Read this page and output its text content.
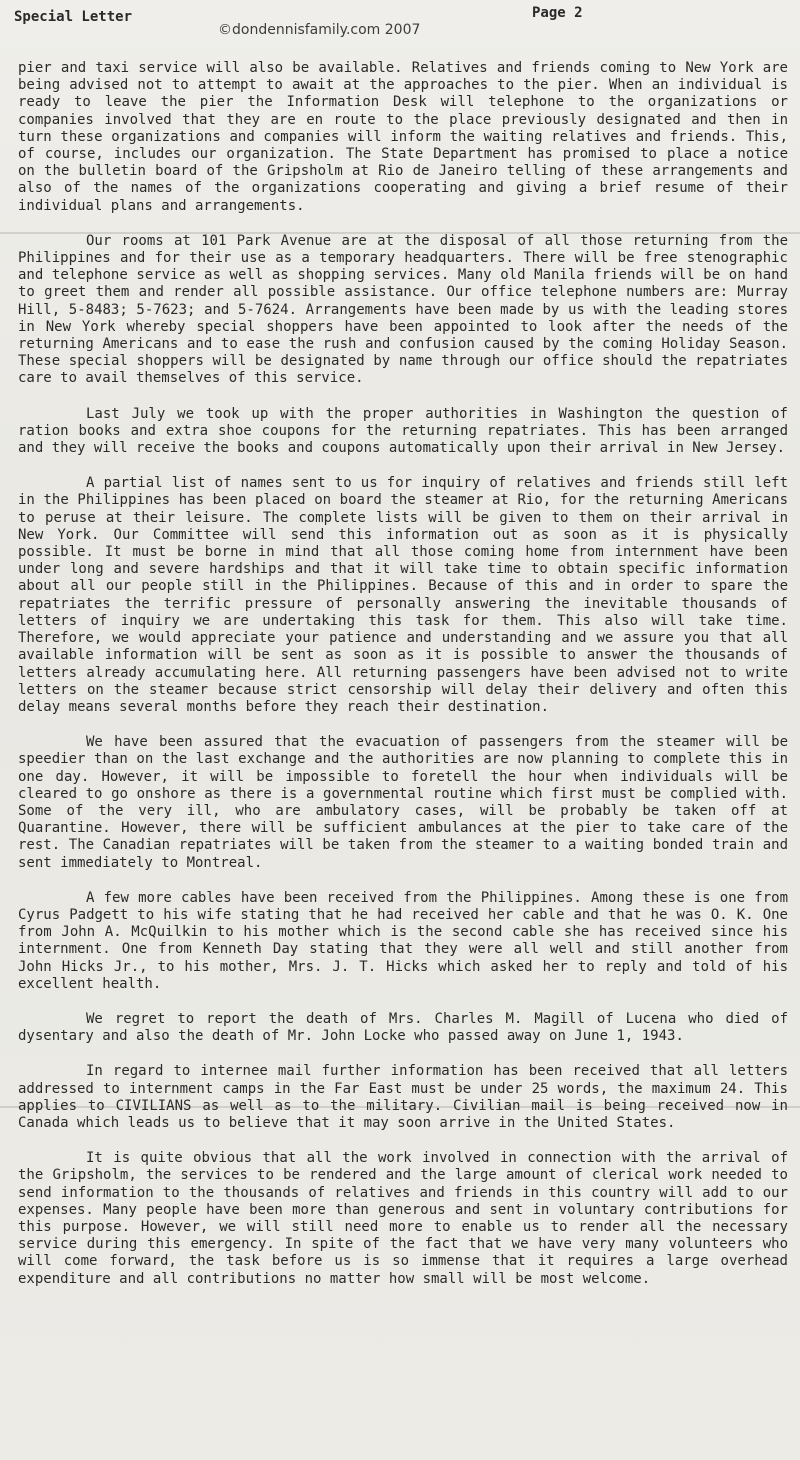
Special Letter	Page 2
©dondennisfamily.com 2007

pier and taxi service will also be available. Relatives and friends coming to New York are being advised not to attempt to await at the approaches to the pier. When an individual is ready to leave the pier the Information Desk will telephone to the organizations or companies involved that they are en route to the place previously designated and then in turn these organizations and companies will inform the waiting relatives and friends. This, of course, includes our organization. The State Department has promised to place a notice on the bulletin board of the Gripsholm at Rio de Janeiro telling of these arrangements and also of the names of the organizations cooperating and giving a brief resume of their individual plans and arrangements.

Our rooms at 101 Park Avenue are at the disposal of all those returning from the Philippines and for their use as a temporary headquarters. There will be free stenographic and telephone service as well as shopping services. Many old Manila friends will be on hand to greet them and render all possible assistance. Our office telephone numbers are: Murray Hill, 5-8483; 5-7623; and 5-7624. Arrangements have been made by us with the leading stores in New York whereby special shoppers have been appointed to look after the needs of the returning Americans and to ease the rush and confusion caused by the coming Holiday Season. These special shoppers will be designated by name through our office should the repatriates care to avail themselves of this service.

Last July we took up with the proper authorities in Washington the question of ration books and extra shoe coupons for the returning repatriates. This has been arranged and they will receive the books and coupons automatically upon their arrival in New Jersey.

A partial list of names sent to us for inquiry of relatives and friends still left in the Philippines has been placed on board the steamer at Rio, for the returning Americans to peruse at their leisure. The complete lists will be given to them on their arrival in New York. Our Committee will send this information out as soon as it is physically possible. It must be borne in mind that all those coming home from internment have been under long and severe hardships and that it will take time to obtain specific information about all our people still in the Philippines. Because of this and in order to spare the repatriates the terrific pressure of personally answering the inevitable thousands of letters of inquiry we are undertaking this task for them. This also will take time. Therefore, we would appreciate your patience and understanding and we assure you that all available information will be sent as soon as it is possible to answer the thousands of letters already accumulating here. All returning passengers have been advised not to write letters on the steamer because strict censorship will delay their delivery and often this delay means several months before they reach their destination.

We have been assured that the evacuation of passengers from the steamer will be speedier than on the last exchange and the authorities are now planning to complete this in one day. However, it will be impossible to foretell the hour when individuals will be cleared to go onshore as there is a governmental routine which first must be complied with. Some of the very ill, who are ambulatory cases, will be probably be taken off at Quarantine. However, there will be sufficient ambulances at the pier to take care of the rest. The Canadian repatriates will be taken from the steamer to a waiting bonded train and sent immediately to Montreal.

A few more cables have been received from the Philippines. Among these is one from Cyrus Padgett to his wife stating that he had received her cable and that he was O. K. One from John A. McQuilkin to his mother which is the second cable she has received since his internment. One from Kenneth Day stating that they were all well and still another from John Hicks Jr., to his mother, Mrs. J. T. Hicks which asked her to reply and told of his excellent health.

We regret to report the death of Mrs. Charles M. Magill of Lucena who died of dysentary and also the death of Mr. John Locke who passed away on June 1, 1943.

In regard to internee mail further information has been received that all letters addressed to internment camps in the Far East must be under 25 words, the maximum 24. This applies to CIVILIANS as well as to the military. Civilian mail is being received now in Canada which leads us to believe that it may soon arrive in the United States.

It is quite obvious that all the work involved in connection with the arrival of the Gripsholm, the services to be rendered and the large amount of clerical work needed to send information to the thousands of relatives and friends in this country will add to our expenses. Many people have been more than generous and sent in voluntary contributions for this purpose. However, we will still need more to enable us to render all the necessary service during this emergency. In spite of the fact that we have very many volunteers who will come forward, the task before us is so immense that it requires a large overhead expenditure and all contributions no matter how small will be most welcome.
